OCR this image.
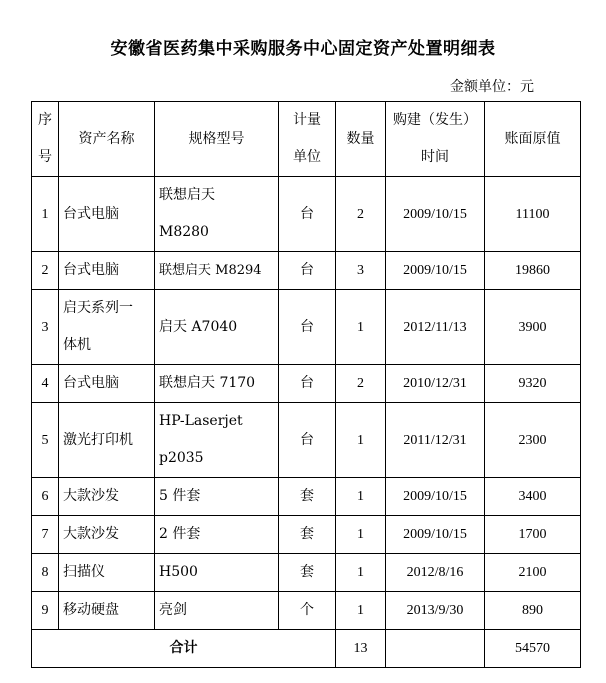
安徽省医药集中采购服务中心固定资产处置明细表
金额单位：元
序号	资产名称	规格型号	计量单位	数量	购建（发生）时间	账面原值
1	台式电脑	联想启天 M8280	台	2	2009/10/15	11100
2	台式电脑	联想启天 M8294	台	3	2009/10/15	19860
3	启天系列一体机	启天 A7040	台	1	2012/11/13	3900
4	台式电脑	联想启天 7170	台	2	2010/12/31	9320
5	激光打印机	HP-Laserjet p2035	台	1	2011/12/31	2300
6	大款沙发	5 件套	套	1	2009/10/15	3400
7	大款沙发	2 件套	套	1	2009/10/15	1700
8	扫描仪	H500	套	1	2012/8/16	2100
9	移动硬盘	亮剑	个	1	2013/9/30	890
合计				13		54570
